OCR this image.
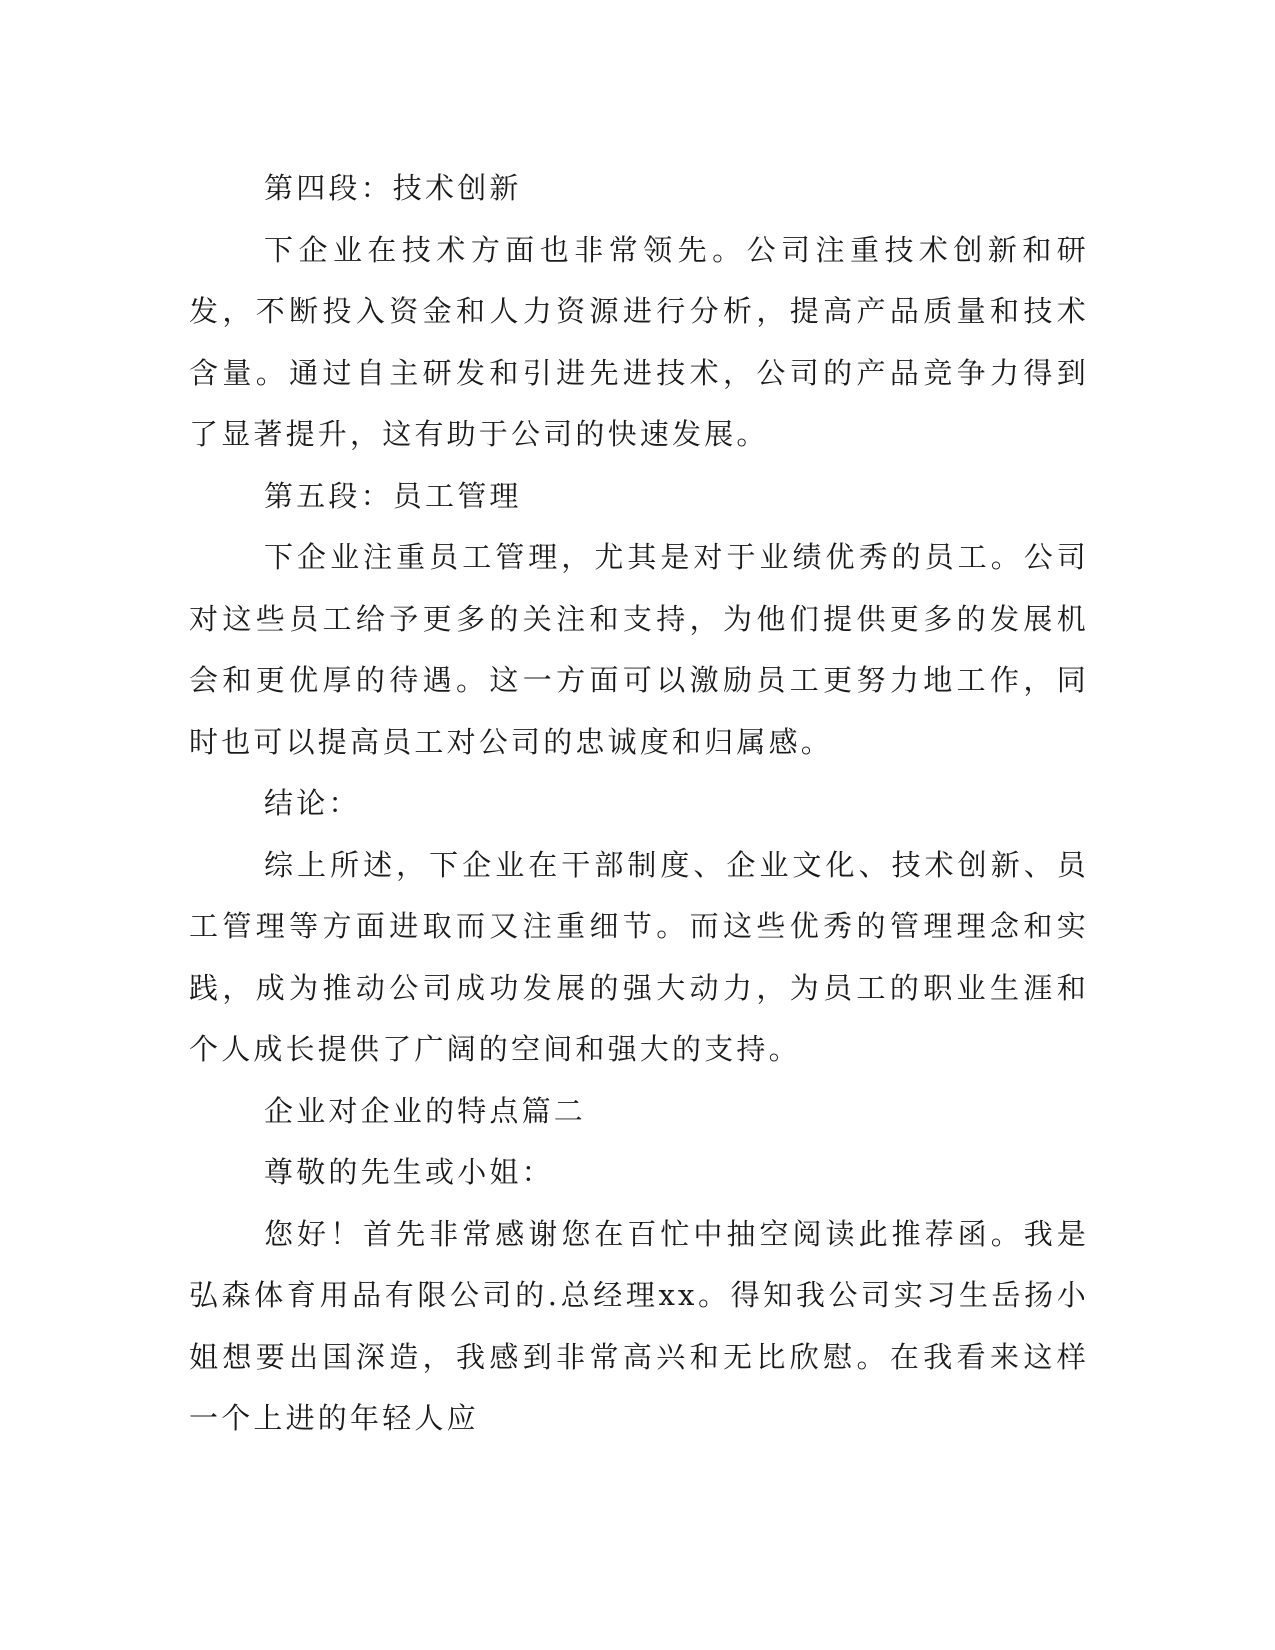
第四段：技术创新

下企业在技术方面也非常领先。公司注重技术创新和研发，不断投入资金和人力资源进行分析，提高产品质量和技术含量。通过自主研发和引进先进技术，公司的产品竞争力得到了显著提升，这有助于公司的快速发展。

第五段：员工管理

下企业注重员工管理，尤其是对于业绩优秀的员工。公司对这些员工给予更多的关注和支持，为他们提供更多的发展机会和更优厚的待遇。这一方面可以激励员工更努力地工作，同时也可以提高员工对公司的忠诚度和归属感。

结论：

综上所述，下企业在干部制度、企业文化、技术创新、员工管理等方面进取而又注重细节。而这些优秀的管理理念和实践，成为推动公司成功发展的强大动力，为员工的职业生涯和个人成长提供了广阔的空间和强大的支持。

企业对企业的特点篇二

尊敬的先生或小姐：

您好！首先非常感谢您在百忙中抽空阅读此推荐函。我是弘森体育用品有限公司的.总经理xx。得知我公司实习生岳扬小姐想要出国深造，我感到非常高兴和无比欣慰。在我看来这样一个上进的年轻人应
